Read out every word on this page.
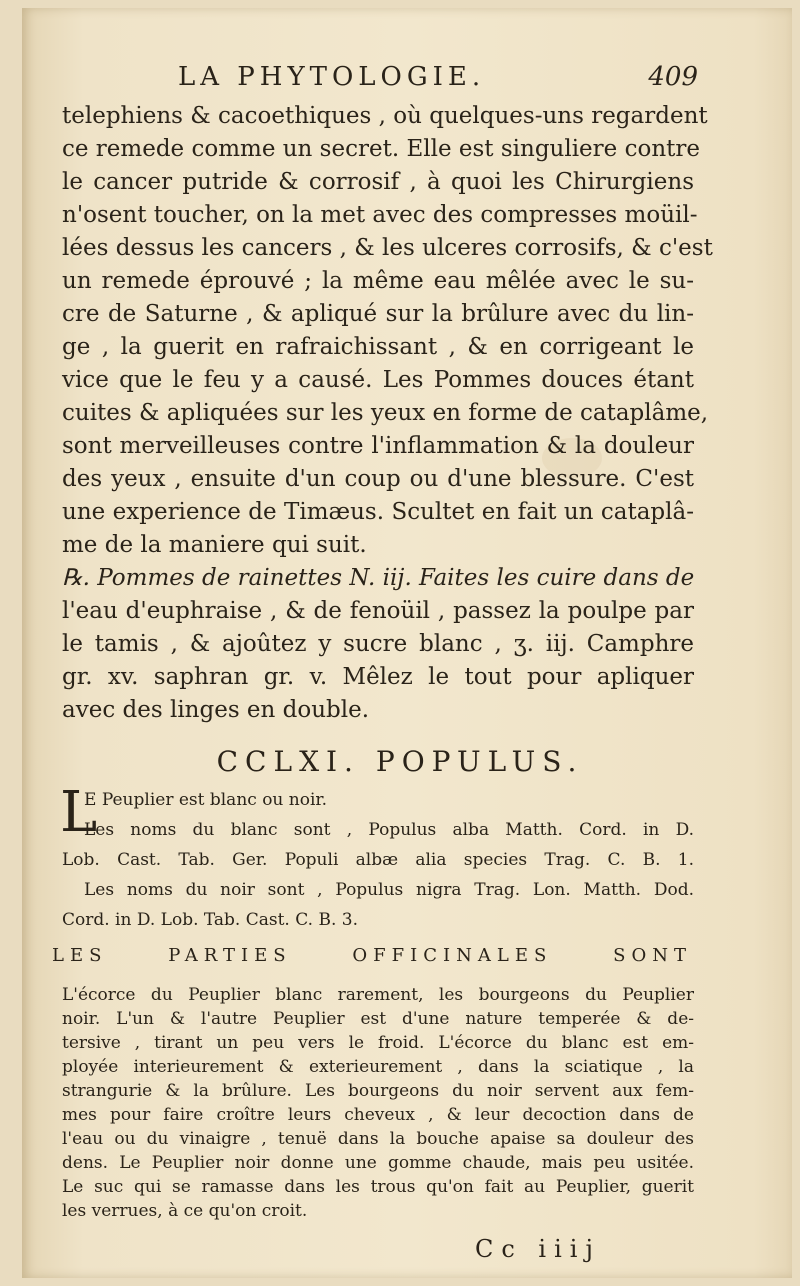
LA PHYTOLOGIE.	409
telephiens & cacoethiques , où quelques-uns regardent
ce remede comme un secret. Elle est singuliere contre
le cancer putride & corrosif , à quoi les Chirurgiens
n'osent toucher, on la met avec des compresses moüil-
lées dessus les cancers , & les ulceres corrosifs, & c'est
un remede éprouvé ; la même eau mêlée avec le su-
cre de Saturne , & apliqué sur la brûlure avec du lin-
ge , la guerit en rafraichissant , & en corrigeant le
vice que le feu y a causé. Les Pommes douces étant
cuites & apliquées sur les yeux en forme de cataplâme,
sont merveilleuses contre l'inflammation & la douleur
des yeux , ensuite d'un coup ou d'une blessure. C'est
une experience de Timæus. Scultet en fait un cataplâ-
me de la maniere qui suit.
℞. Pommes de rainettes N. iij. Faites les cuire dans de
l'eau d'euphraise , & de fenoüil , passez la poulpe par
le tamis , & ajoûtez y sucre blanc , ʒ. iij. Camphre
gr. xv. saphran gr. v. Mêlez le tout pour apliquer
avec des linges en double.
CCLXI. POPULUS.
L
E Peuplier est blanc ou noir.
Les noms du blanc sont , Populus alba Matth. Cord. in D.
Lob. Cast. Tab. Ger. Populi albæ alia species Trag. C. B. 1.
Les noms du noir sont , Populus nigra Trag. Lon. Matth. Dod.
Cord. in D. Lob. Tab. Cast. C. B. 3.
LES PARTIES OFFICINALES SONT
L'écorce du Peuplier blanc rarement, les bourgeons du Peuplier
noir. L'un & l'autre Peuplier est d'une nature temperée & de-
tersive , tirant un peu vers le froid. L'écorce du blanc est em-
ployée interieurement & exterieurement , dans la sciatique , la
strangurie & la brûlure. Les bourgeons du noir servent aux fem-
mes pour faire croître leurs cheveux , & leur decoction dans de
l'eau ou du vinaigre , tenuë dans la bouche apaise sa douleur des
dens. Le Peuplier noir donne une gomme chaude, mais peu usitée.
Le suc qui se ramasse dans les trous qu'on fait au Peuplier, guerit
les verrues, à ce qu'on croit.
Cc iiij
